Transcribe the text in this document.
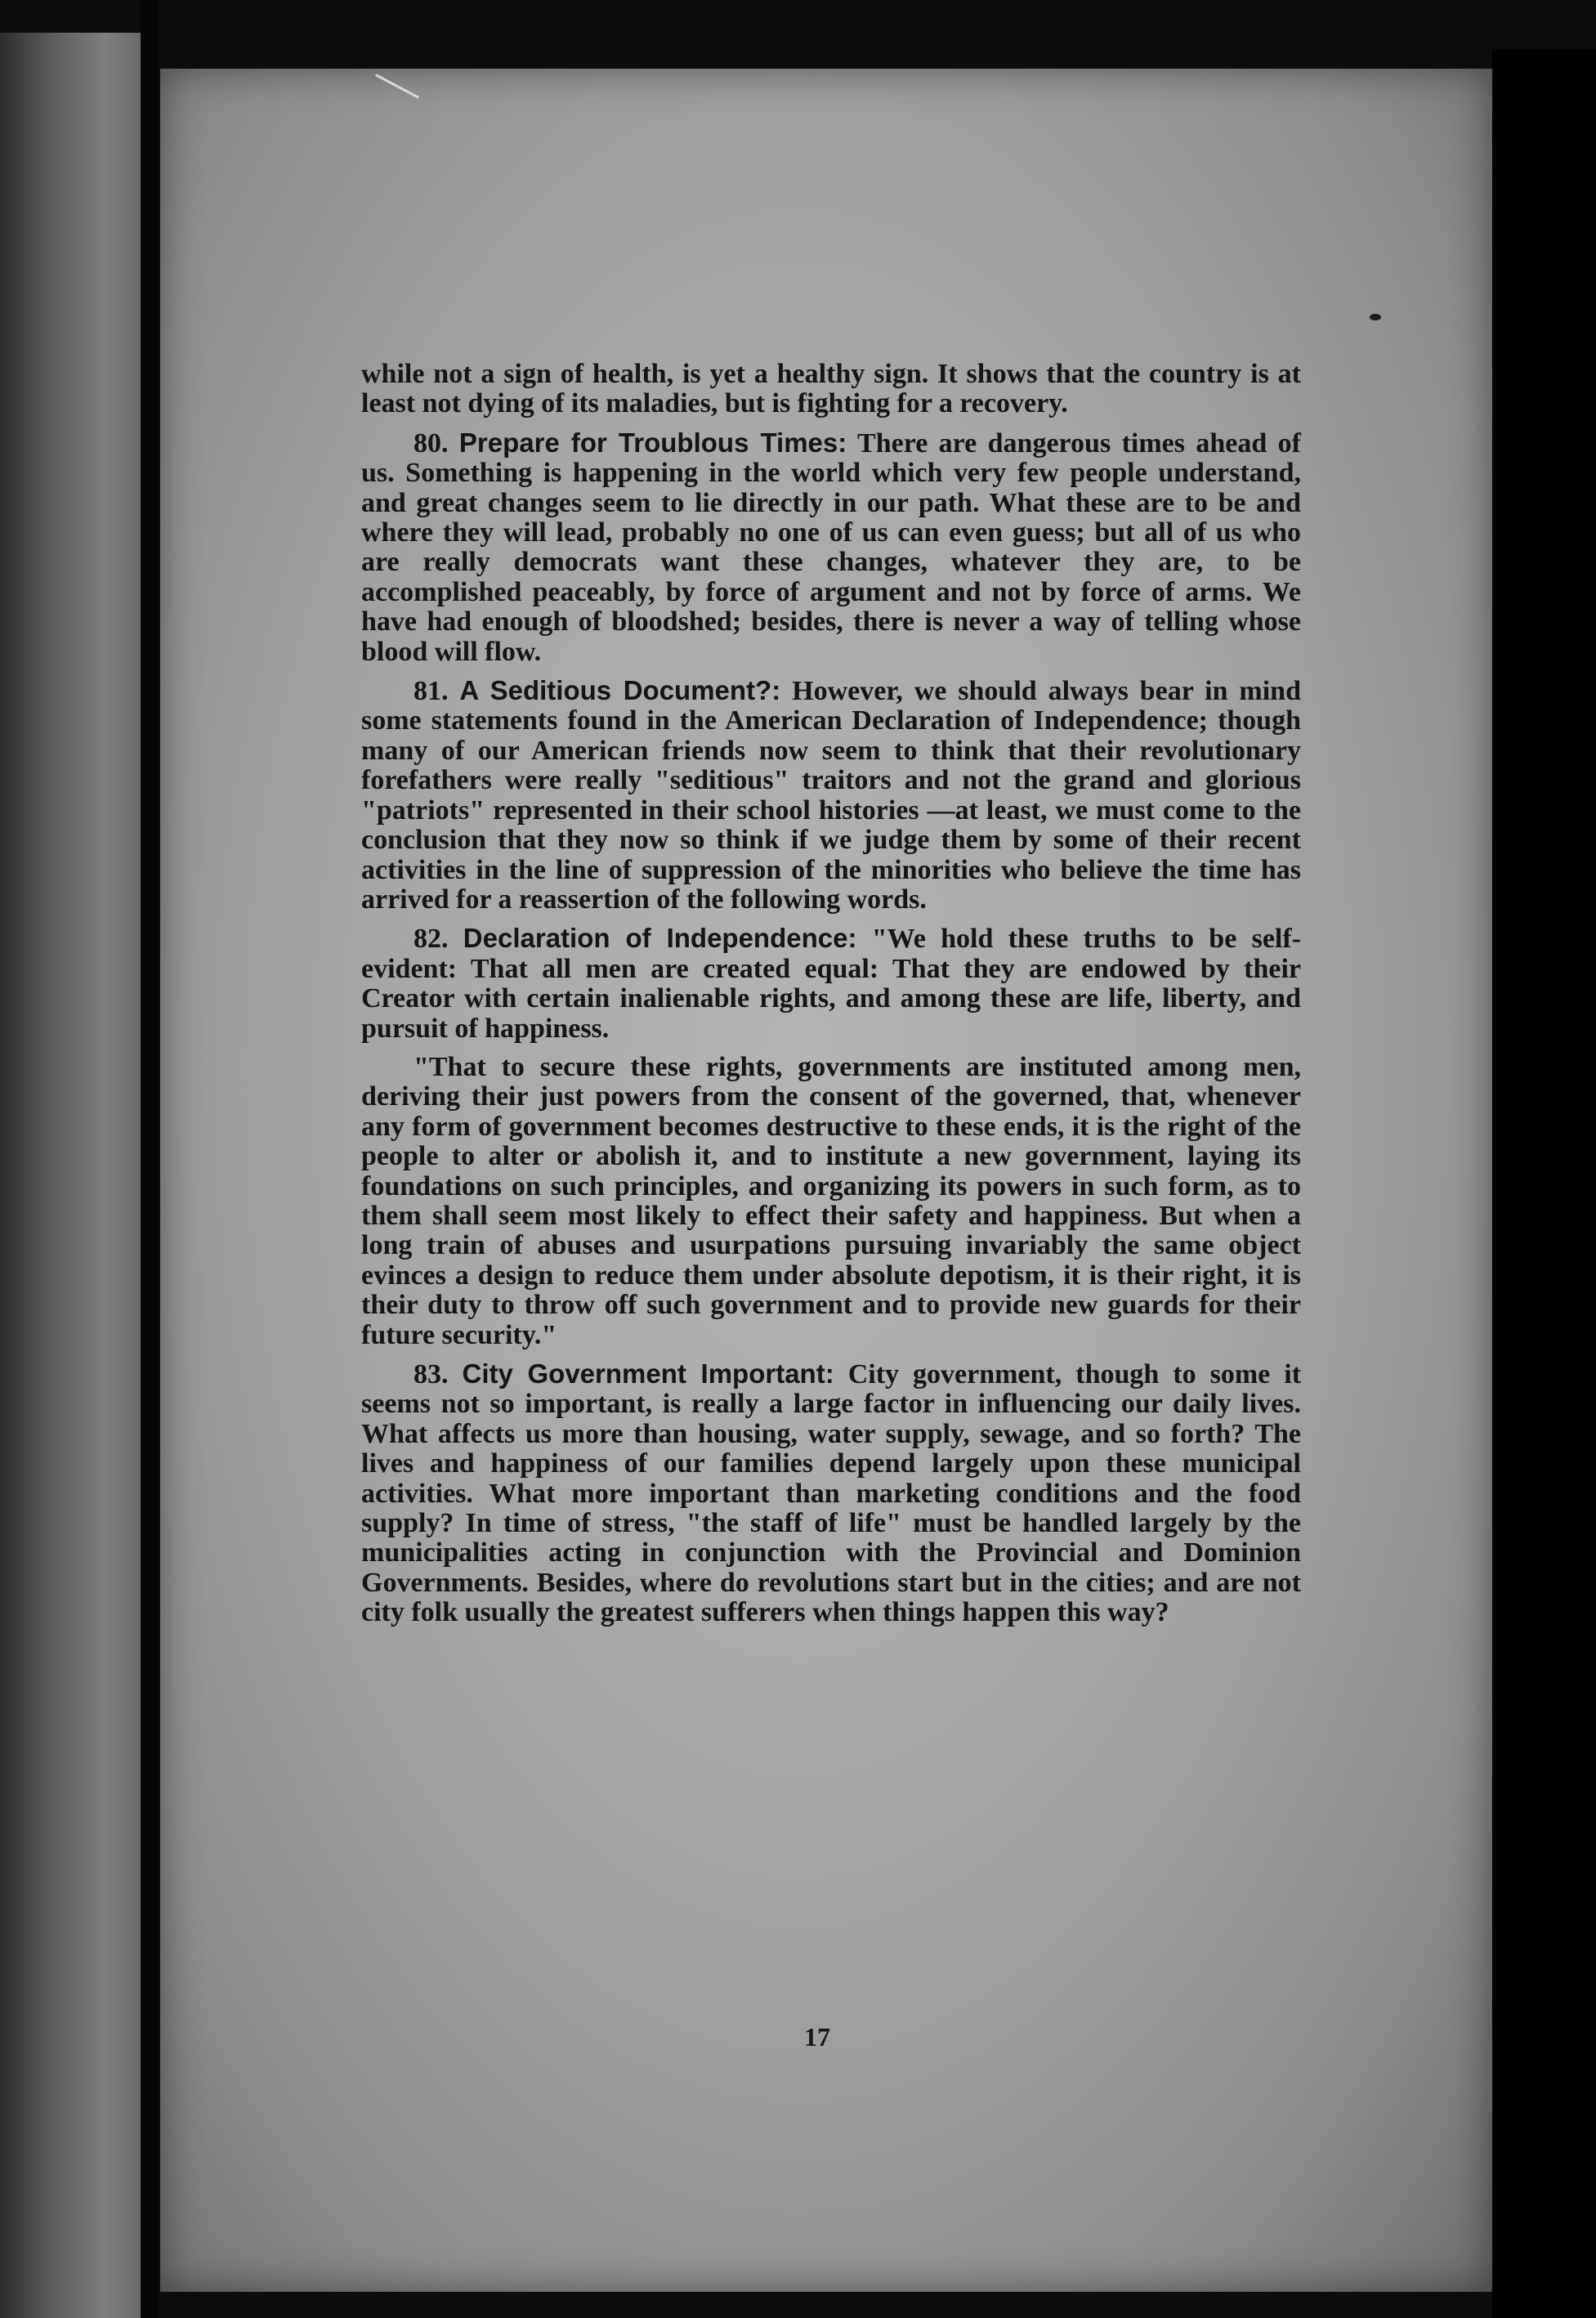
while not a sign of health, is yet a healthy sign. It shows that the country is at least not dying of its maladies, but is fighting for a recovery.

80. Prepare for Troublous Times: There are dangerous times ahead of us. Something is happening in the world which very few people understand, and great changes seem to lie directly in our path. What these are to be and where they will lead, probably no one of us can even guess; but all of us who are really democrats want these changes, whatever they are, to be accomplished peaceably, by force of argument and not by force of arms. We have had enough of bloodshed; besides, there is never a way of telling whose blood will flow.

81. A Seditious Document?: However, we should always bear in mind some statements found in the American Declaration of Independence; though many of our American friends now seem to think that their revolutionary forefathers were really "seditious" traitors and not the grand and glorious "patriots" represented in their school histories —at least, we must come to the conclusion that they now so think if we judge them by some of their recent activities in the line of suppression of the minorities who believe the time has arrived for a reassertion of the following words.

82. Declaration of Independence: "We hold these truths to be self-evident: That all men are created equal: That they are endowed by their Creator with certain inalienable rights, and among these are life, liberty, and pursuit of happiness.

"That to secure these rights, governments are instituted among men, deriving their just powers from the consent of the governed, that, whenever any form of government becomes destructive to these ends, it is the right of the people to alter or abolish it, and to institute a new government, laying its foundations on such principles, and organizing its powers in such form, as to them shall seem most likely to effect their safety and happiness. But when a long train of abuses and usurpations pursuing invariably the same object evinces a design to reduce them under absolute depotism, it is their right, it is their duty to throw off such government and to provide new guards for their future security."

83. City Government Important: City government, though to some it seems not so important, is really a large factor in influencing our daily lives. What affects us more than housing, water supply, sewage, and so forth? The lives and happiness of our families depend largely upon these municipal activities. What more important than marketing conditions and the food supply? In time of stress, "the staff of life" must be handled largely by the municipalities acting in conjunction with the Provincial and Dominion Governments. Besides, where do revolutions start but in the cities; and are not city folk usually the greatest sufferers when things happen this way?

17
